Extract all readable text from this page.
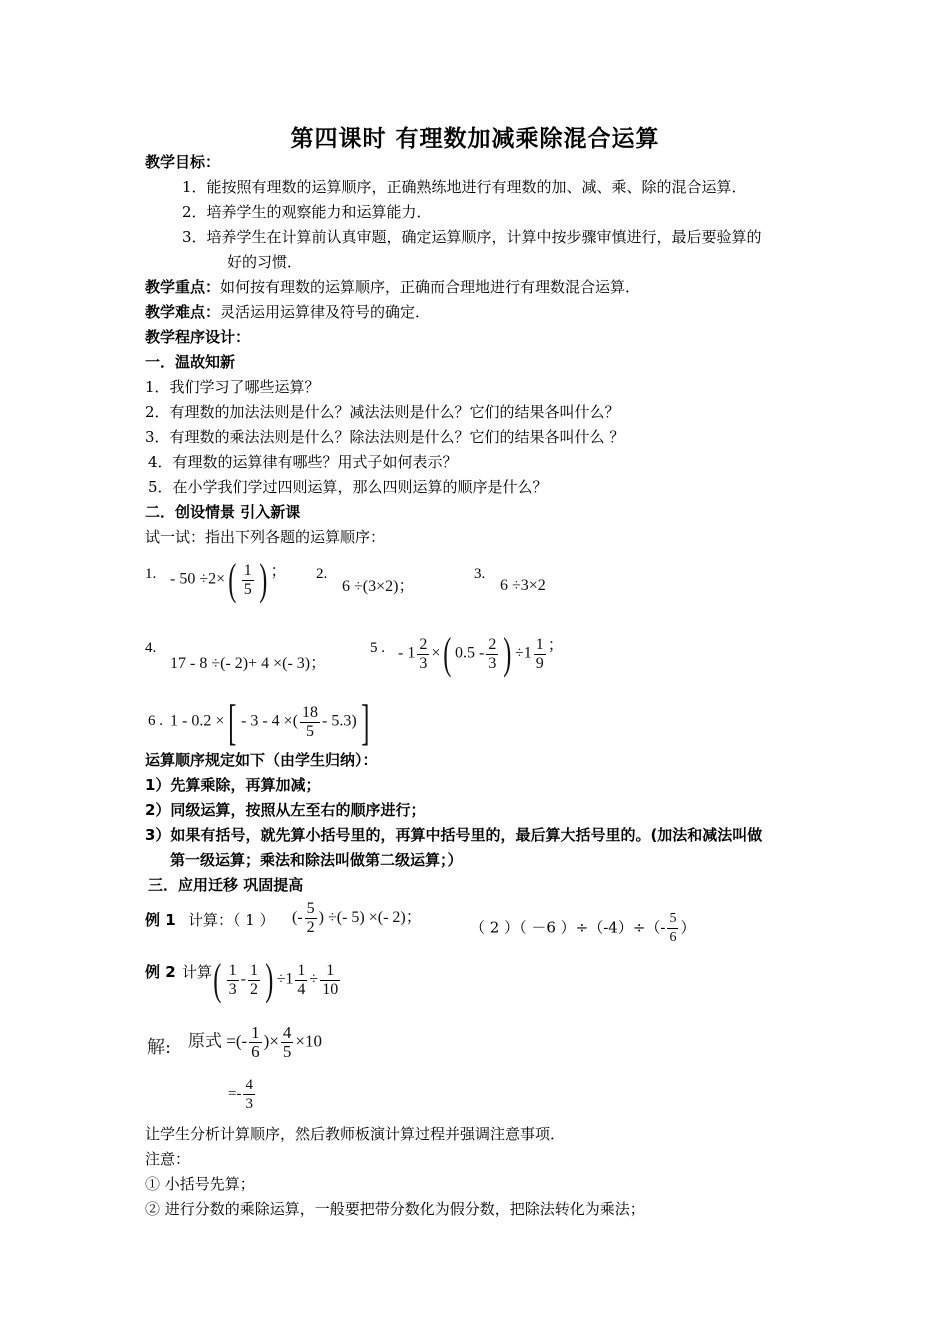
第四课时 有理数加减乘除混合运算
教学目标：
1．能按照有理数的运算顺序，正确熟练地进行有理数的加、减、乘、除的混合运算．
2．培养学生的观察能力和运算能力．
3．培养学生在计算前认真审题，确定运算顺序，计算中按步骤审慎进行，最后要验算的
好的习惯．
教学重点：如何按有理数的运算顺序，正确而合理地进行有理数混合运算．
教学难点：灵活运用运算律及符号的确定．
教学程序设计：
一．温故知新
1．我们学习了哪些运算？
2．有理数的加法法则是什么？减法法则是什么？它们的结果各叫什么？
3．有理数的乘法法则是什么？除法法则是什么？它们的结果各叫什么 ？
4．有理数的运算律有哪些？用式子如何表示？
5．在小学我们学过四则运算，那么四则运算的顺序是什么？
二．创设情景 引入新课
试一试：指出下列各题的运算顺序：
1. - $50 \div 2\times( \frac{1}{5}$ ) ； 2.
6 ÷(3×2)；
3.
6 ÷3×2
4.
17 - 8 ÷(- 2)+ 4 ×(- 3)；
5 . - $1 \frac{2}{3}$ ×( $0.5 - \frac{2}{3}$ ) $\div 1 \frac{1}{9}$ ；
6 . 1 - 0.2 ×[ - 3 - 4 ×( $\frac{18}{5} - 5.3$)]
运算顺序规定如下（由学生归纳）：
1）先算乘除，再算加减；
2）同级运算，按照从左至右的顺序进行；
3）如果有括号，就先算小括号里的，再算中括号里的，最后算大括号里的。(加法和减法叫做
第一级运算；乘法和除法叫做第二级运算；）
三．应用迁移 巩固提高
例 1 计算：（ 1 ） (- $\frac{5}{2}$ ) ÷(- 5) ×(- 2)；
（ 2 ）（ －6 ）$\div(-4)\div(- \frac{5}{6}$ ）
例 2 计算 ( $\frac{1}{3} - \frac{1}{2}$ ) $\div 1 \frac{1}{4} \div \frac{1}{10}$
解: 原式 =(- $\frac{1}{6}$ )× $\frac{4}{5} \times 10$
=- $\frac{4}{3}$
让学生分析计算顺序，然后教师板演计算过程并强调注意事项．
注意：
① 小括号先算；
② 进行分数的乘除运算，一般要把带分数化为假分数，把除法转化为乘法；
